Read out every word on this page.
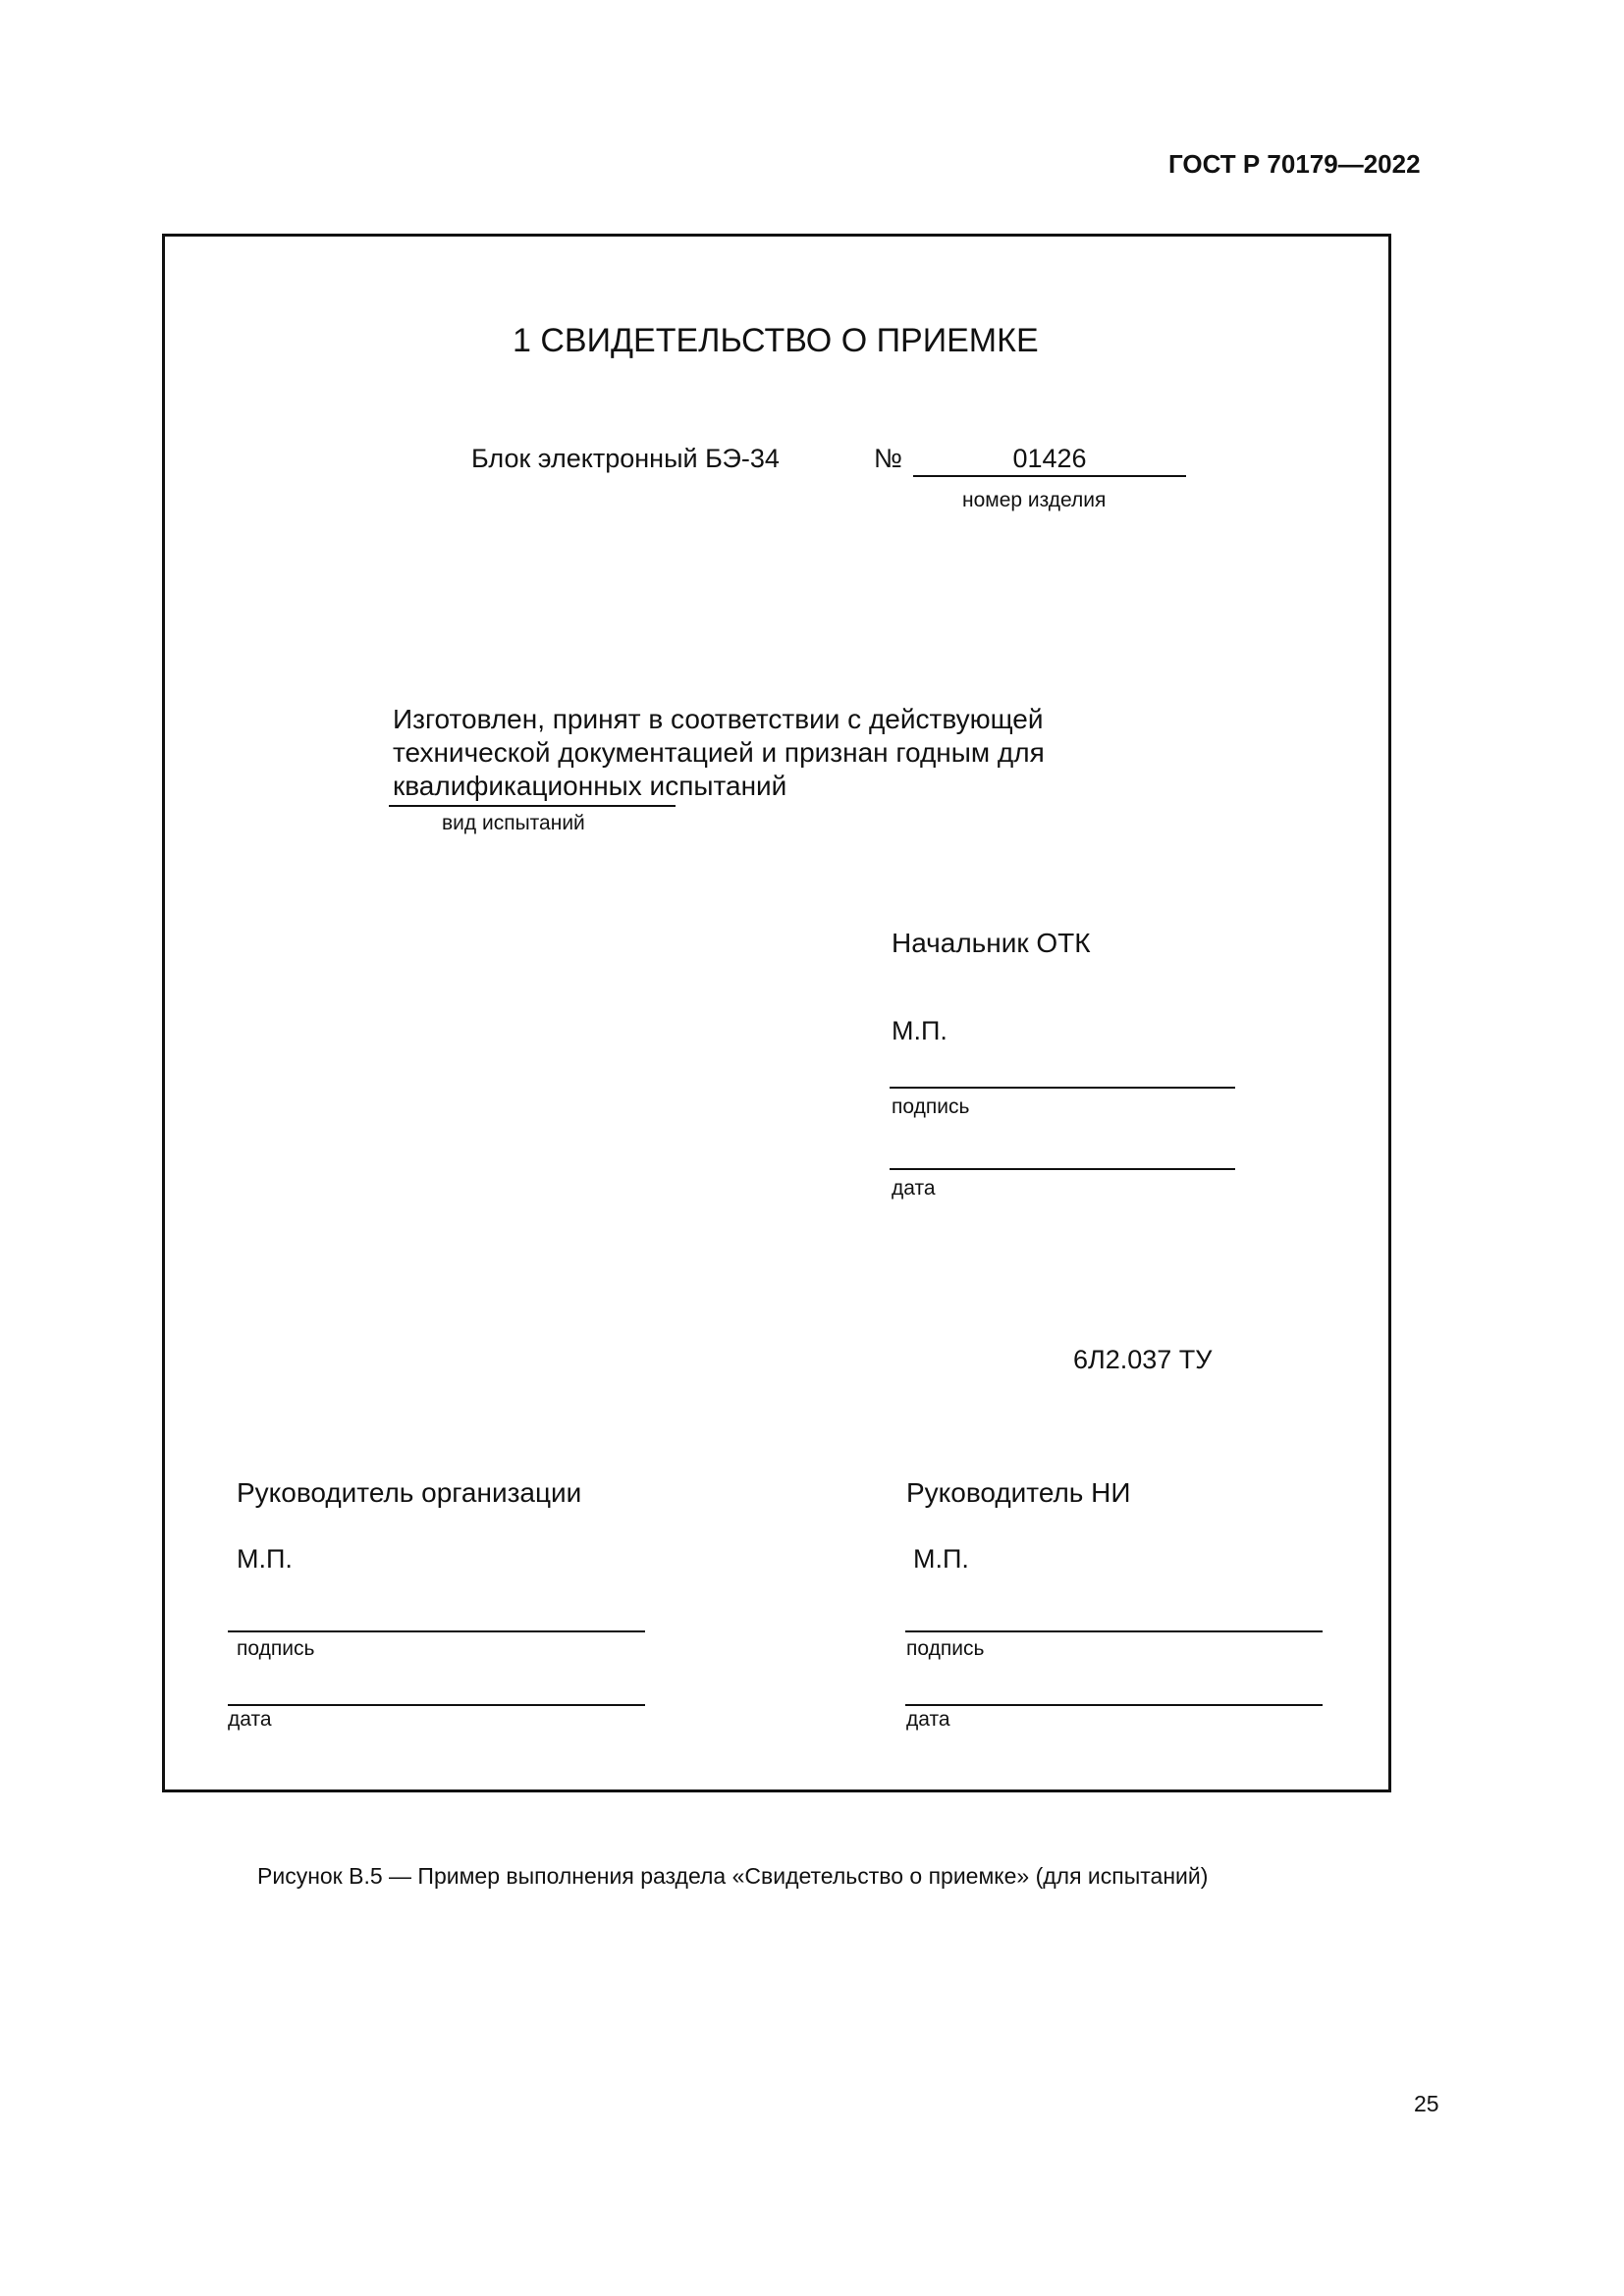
ГОСТ Р 70179—2022
1 СВИДЕТЕЛЬСТВО О ПРИЕМКЕ
Блок электронный БЭ-34	№	01426
номер изделия
Изготовлен, принят в соответствии с действующей
технической документацией и признан годным для
квалификационных испытаний
вид испытаний
Начальник ОТК
М.П.
подпись
дата
6Л2.037 ТУ
Руководитель организации
М.П.
подпись
дата
Руководитель НИ
М.П.
подпись
дата
Рисунок В.5 — Пример выполнения раздела «Свидетельство о приемке» (для испытаний)
25
